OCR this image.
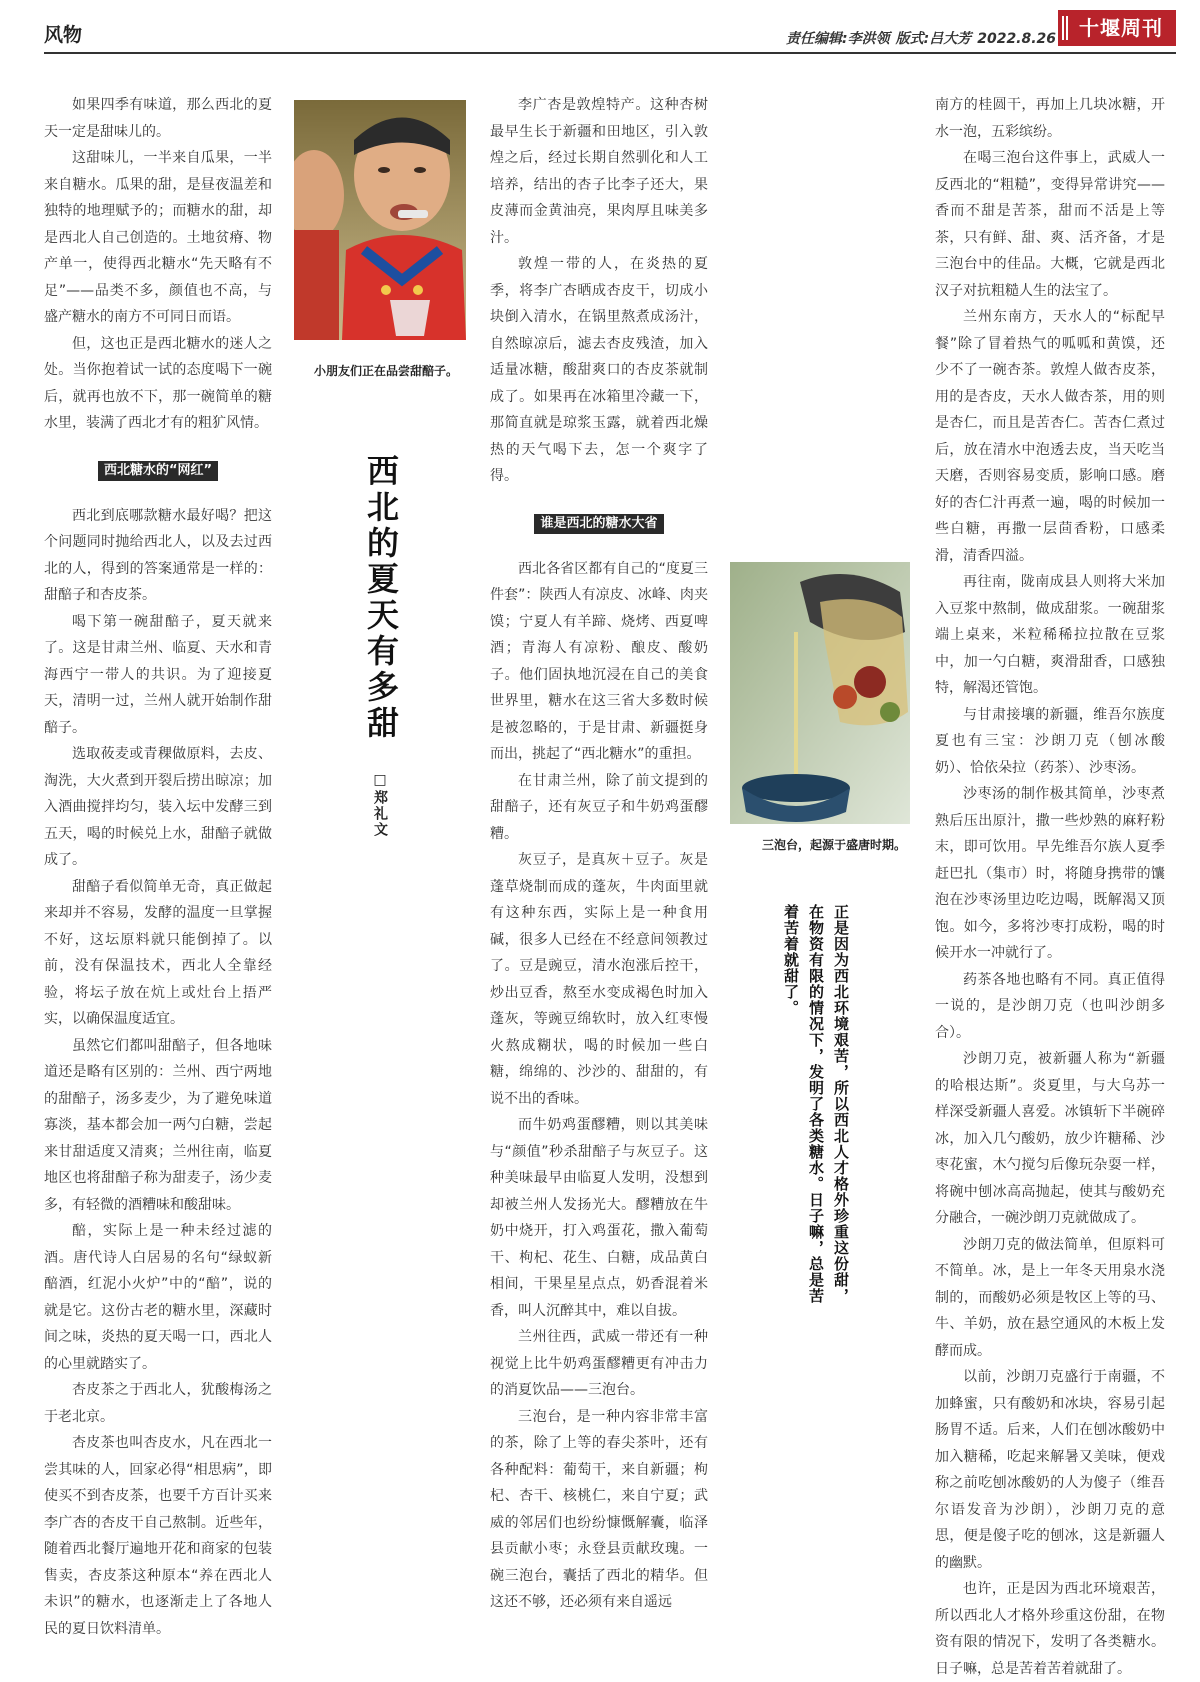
风物	责任编辑:李洪领 版式:吕大芳 2022.8.26	十堰周刊

如果四季有味道，那么西北的夏天一定是甜味儿的。

这甜味儿，一半来自瓜果，一半来自糖水。瓜果的甜，是昼夜温差和独特的地理赋予的；而糖水的甜，却是西北人自己创造的。土地贫瘠、物产单一，使得西北糖水“先天略有不足”——品类不多，颜值也不高，与盛产糖水的南方不可同日而语。

但，这也正是西北糖水的迷人之处。当你抱着试一试的态度喝下一碗后，就再也放不下，那一碗简单的糖水里，装满了西北才有的粗犷风情。

西北糖水的“网红”

西北到底哪款糖水最好喝？把这个问题同时抛给西北人，以及去过西北的人，得到的答案通常是一样的：甜醅子和杏皮茶。

喝下第一碗甜醅子，夏天就来了。这是甘肃兰州、临夏、天水和青海西宁一带人的共识。为了迎接夏天，清明一过，兰州人就开始制作甜醅子。

选取莜麦或青稞做原料，去皮、淘洗，大火煮到开裂后捞出晾凉；加入酒曲搅拌均匀，装入坛中发酵三到五天，喝的时候兑上水，甜醅子就做成了。

甜醅子看似简单无奇，真正做起来却并不容易，发酵的温度一旦掌握不好，这坛原料就只能倒掉了。以前，没有保温技术，西北人全靠经验，将坛子放在炕上或灶台上捂严实，以确保温度适宜。

虽然它们都叫甜醅子，但各地味道还是略有区别的：兰州、西宁两地的甜醅子，汤多麦少，为了避免味道寡淡，基本都会加一两勺白糖，尝起来甘甜适度又清爽；兰州往南，临夏地区也将甜醅子称为甜麦子，汤少麦多，有轻微的酒糟味和酸甜味。

醅，实际上是一种未经过滤的酒。唐代诗人白居易的名句“绿蚁新醅酒，红泥小火炉”中的“醅”，说的就是它。这份古老的糖水里，深藏时间之味，炎热的夏天喝一口，西北人的心里就踏实了。

杏皮茶之于西北人，犹酸梅汤之于老北京。

杏皮茶也叫杏皮水，凡在西北一尝其味的人，回家必得“相思病”，即使买不到杏皮茶，也要千方百计买来李广杏的杏皮干自己熬制。近些年，随着西北餐厅遍地开花和商家的包装售卖，杏皮茶这种原本“养在西北人未识”的糖水，也逐渐走上了各地人民的夏日饮料清单。

小朋友们正在品尝甜醅子。
西北的夏天有多甜
□郑礼文

李广杏是敦煌特产。这种杏树最早生长于新疆和田地区，引入敦煌之后，经过长期自然驯化和人工培养，结出的杏子比李子还大，果皮薄而金黄油亮，果肉厚且味美多汁。

敦煌一带的人，在炎热的夏季，将李广杏晒成杏皮干，切成小块倒入清水，在锅里熬煮成汤汁，自然晾凉后，滤去杏皮残渣，加入适量冰糖，酸甜爽口的杏皮茶就制成了。如果再在冰箱里冷藏一下，那简直就是琼浆玉露，就着西北燥热的天气喝下去，怎一个爽字了得。

谁是西北的糖水大省

西北各省区都有自己的“度夏三件套”：陕西人有凉皮、冰峰、肉夹馍；宁夏人有羊蹄、烧烤、西夏啤酒；青海人有凉粉、酿皮、酸奶子。他们固执地沉浸在自己的美食世界里，糖水在这三省大多数时候是被忽略的，于是甘肃、新疆挺身而出，挑起了“西北糖水”的重担。

在甘肃兰州，除了前文提到的甜醅子，还有灰豆子和牛奶鸡蛋醪糟。

灰豆子，是真灰＋豆子。灰是蓬草烧制而成的蓬灰，牛肉面里就有这种东西，实际上是一种食用碱，很多人已经在不经意间领教过了。豆是豌豆，清水泡涨后控干，炒出豆香，熬至水变成褐色时加入蓬灰，等豌豆绵软时，放入红枣慢火熬成糊状，喝的时候加一些白糖，绵绵的、沙沙的、甜甜的，有说不出的香味。

而牛奶鸡蛋醪糟，则以其美味与“颜值”秒杀甜醅子与灰豆子。这种美味最早由临夏人发明，没想到却被兰州人发扬光大。醪糟放在牛奶中烧开，打入鸡蛋花，撒入葡萄干、枸杞、花生、白糖，成品黄白相间，干果星星点点，奶香混着米香，叫人沉醉其中，难以自拔。

兰州往西，武威一带还有一种视觉上比牛奶鸡蛋醪糟更有冲击力的消夏饮品——三泡台。

三泡台，是一种内容非常丰富的茶，除了上等的春尖茶叶，还有各种配料：葡萄干，来自新疆；枸杞、杏干、核桃仁，来自宁夏；武威的邻居们也纷纷慷慨解囊，临泽县贡献小枣；永登县贡献玫瑰。一碗三泡台，囊括了西北的精华。但这还不够，还必须有来自遥远

三泡台，起源于盛唐时期。
正是因为西北环境艰苦，所以西北人才格外珍重这份甜，在物资有限的情况下，发明了各类糖水。日子嘛，总是苦着苦着就甜了。

南方的桂圆干，再加上几块冰糖，开水一泡，五彩缤纷。

在喝三泡台这件事上，武威人一反西北的“粗糙”，变得异常讲究——香而不甜是苦茶，甜而不活是上等茶，只有鲜、甜、爽、活齐备，才是三泡台中的佳品。大概，它就是西北汉子对抗粗糙人生的法宝了。

兰州东南方，天水人的“标配早餐”除了冒着热气的呱呱和黄馍，还少不了一碗杏茶。敦煌人做杏皮茶，用的是杏皮，天水人做杏茶，用的则是杏仁，而且是苦杏仁。苦杏仁煮过后，放在清水中泡透去皮，当天吃当天磨，否则容易变质，影响口感。磨好的杏仁汁再煮一遍，喝的时候加一些白糖，再撒一层茴香粉，口感柔滑，清香四溢。

再往南，陇南成县人则将大米加入豆浆中熬制，做成甜浆。一碗甜浆端上桌来，米粒稀稀拉拉散在豆浆中，加一勺白糖，爽滑甜香，口感独特，解渴还管饱。

与甘肃接壤的新疆，维吾尔族度夏也有三宝：沙朗刀克（刨冰酸奶）、恰依朵拉（药茶）、沙枣汤。

沙枣汤的制作极其简单，沙枣煮熟后压出原汁，撒一些炒熟的麻籽粉末，即可饮用。早先维吾尔族人夏季赶巴扎（集市）时，将随身携带的馕泡在沙枣汤里边吃边喝，既解渴又顶饱。如今，多将沙枣打成粉，喝的时候开水一冲就行了。

药茶各地也略有不同。真正值得一说的，是沙朗刀克（也叫沙朗多合）。

沙朗刀克，被新疆人称为“新疆的哈根达斯”。炎夏里，与大乌苏一样深受新疆人喜爱。冰镇斩下半碗碎冰，加入几勺酸奶，放少许糖稀、沙枣花蜜，木勺搅匀后像玩杂耍一样，将碗中刨冰高高抛起，使其与酸奶充分融合，一碗沙朗刀克就做成了。

沙朗刀克的做法简单，但原料可不简单。冰，是上一年冬天用泉水浇制的，而酸奶必须是牧区上等的马、牛、羊奶，放在悬空通风的木板上发酵而成。

以前，沙朗刀克盛行于南疆，不加蜂蜜，只有酸奶和冰块，容易引起肠胃不适。后来，人们在刨冰酸奶中加入糖稀，吃起来解暑又美味，便戏称之前吃刨冰酸奶的人为傻子（维吾尔语发音为沙朗），沙朗刀克的意思，便是傻子吃的刨冰，这是新疆人的幽默。

也许，正是因为西北环境艰苦，所以西北人才格外珍重这份甜，在物资有限的情况下，发明了各类糖水。日子嘛，总是苦着苦着就甜了。
